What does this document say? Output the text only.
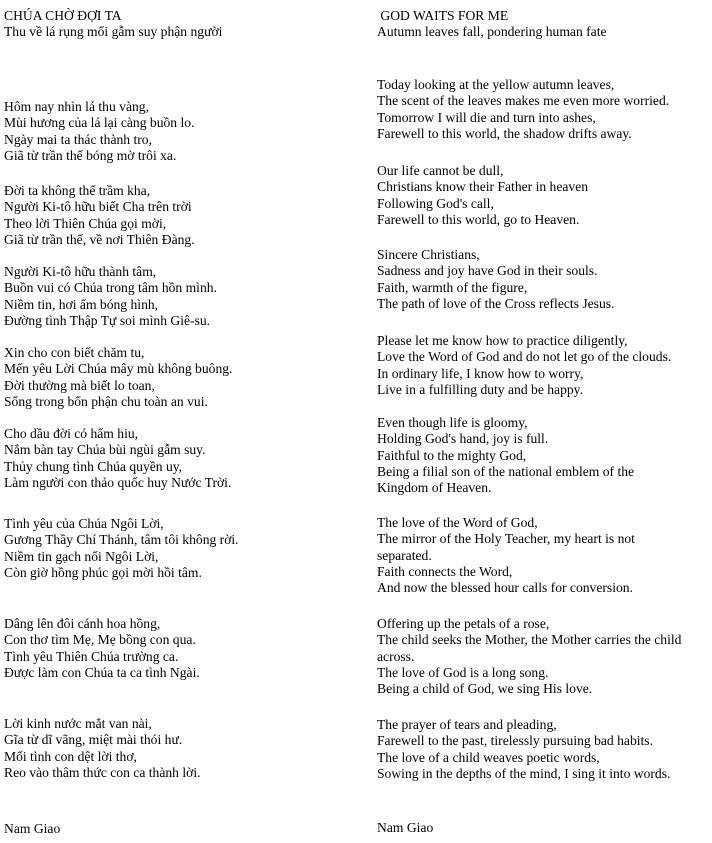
CHÚA CHỜ ĐỢI TA
Thu về lá rụng mối gẫm suy phận người
Hôm nay nhìn lá thu vàng,
Mùi hương của lá lại càng buồn lo.
Ngày mai ta thác thành tro,
Giã từ trần thế bóng mờ trôi xa.
Đời ta không thể trầm kha,
Người Ki-tô hữu biết Cha trên trời
Theo lời Thiên Chúa gọi mời,
Giã từ trần thế, về nơi Thiên Đàng.
Người Ki-tô hữu thành tâm,
Buồn vui có Chúa trong tâm hồn mình.
Niềm tin, hơi ấm bóng hình,
Đường tình Thập Tự soi mình Giê-su.
Xin cho con biết chăm tu,
Mến yêu Lời Chúa mây mù không buông.
Đời thường mà biết lo toan,
Sống trong bổn phận chu toàn an vui.
Cho dầu đời có hẩm hiu,
Nắm bàn tay Chúa bùi ngùi gẫm suy.
Thủy chung tình Chúa quyền uy,
Làm người con thảo quốc huy Nước Trời.
Tình yêu của Chúa Ngôi Lời,
Gương Thầy Chí Thánh, tâm tôi không rời.
Niềm tin gạch nối Ngôi Lời,
Còn giờ hồng phúc gọi mời hồi tâm.
Dâng lên đôi cánh hoa hồng,
Con thơ tìm Mẹ, Mẹ bồng con qua.
Tình yêu Thiên Chúa trường ca.
Được làm con Chúa ta ca tình Ngài.
Lời kinh nước mắt van nài,
Gĩa từ dĩ vãng, miệt mài thói hư.
Mối tình con dệt lời thơ,
Reo vào thâm thức con ca thành lời.
Nam Giao
GOD WAITS FOR ME
Autumn leaves fall, pondering human fate
Today looking at the yellow autumn leaves,
The scent of the leaves makes me even more worried.
Tomorrow I will die and turn into ashes,
Farewell to this world, the shadow drifts away.
Our life cannot be dull,
Christians know their Father in heaven
Following God's call,
Farewell to this world, go to Heaven.
Sincere Christians,
Sadness and joy have God in their souls.
Faith, warmth of the figure,
The path of love of the Cross reflects Jesus.
Please let me know how to practice diligently,
Love the Word of God and do not let go of the clouds.
In ordinary life, I know how to worry,
Live in a fulfilling duty and be happy.
Even though life is gloomy,
Holding God's hand, joy is full.
Faithful to the mighty God,
Being a filial son of the national emblem of the
Kingdom of Heaven.
The love of the Word of God,
The mirror of the Holy Teacher, my heart is not
separated.
Faith connects the Word,
And now the blessed hour calls for conversion.
Offering up the petals of a rose,
The child seeks the Mother, the Mother carries the child
across.
The love of God is a long song.
Being a child of God, we sing His love.
The prayer of tears and pleading,
Farewell to the past, tirelessly pursuing bad habits.
The love of a child weaves poetic words,
Sowing in the depths of the mind, I sing it into words.
Nam Giao
